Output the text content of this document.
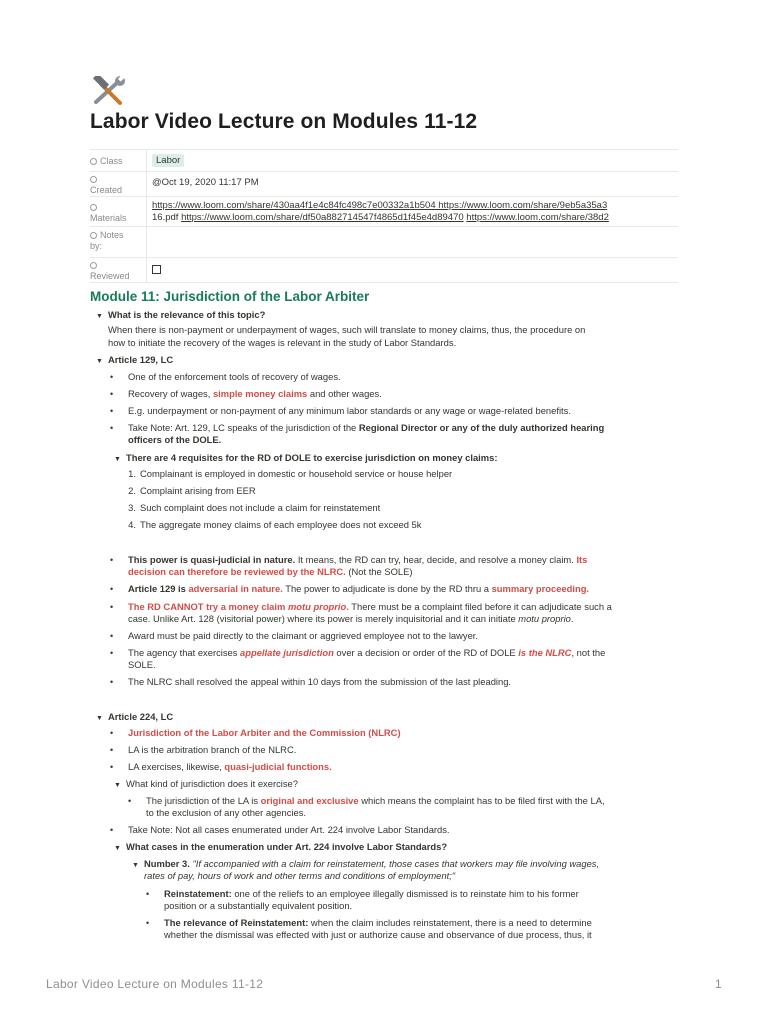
Labor Video Lecture on Modules 11-12
Class	Labor

Created
@Oct 19, 2020 11:17 PM

Materials
https://www.loom.com/share/430aa4f1e4c84fc498c7e00332a1b504 https://www.loom.com/share/9eb5a35a3
16.pdf https://www.loom.com/share/df50a882714547f4865d1f45e4d89470 https://www.loom.com/share/38d2
Notes
by:

Reviewed
Module 11: Jurisdiction of the Labor Arbiter
▼ What is the relevance of this topic?
When there is non-payment or underpayment of wages, such will translate to money claims, thus, the procedure on
how to initiate the recovery of the wages is relevant in the study of Labor Standards.
▼ Article 129, LC
•One of the enforcement tools of recovery of wages.
•Recovery of wages, simple money claims and other wages.
•E.g. underpayment or non-payment of any minimum labor standards or any wage or wage-related benefits.
•Take Note: Art. 129, LC speaks of the jurisdiction of the Regional Director or any of the duly authorized hearing
officers of the DOLE.
▼ There are 4 requisites for the RD of DOLE to exercise jurisdiction on money claims:
1. Complainant is employed in domestic or household service or house helper
2. Complaint arising from EER
3. Such complaint does not include a claim for reinstatement
4. The aggregate money claims of each employee does not exceed 5k
•This power is quasi-judicial in nature. It means, the RD can try, hear, decide, and resolve a money claim. Its
decision can therefore be reviewed by the NLRC. (Not the SOLE)
•Article 129 is adversarial in nature. The power to adjudicate is done by the RD thru a summary proceeding.
•The RD CANNOT try a money claim motu proprio. There must be a complaint filed before it can adjudicate such a
case. Unlike Art. 128 (visitorial power) where its power is merely inquisitorial and it can initiate motu proprio.
•Award must be paid directly to the claimant or aggrieved employee not to the lawyer.
•The agency that exercises appellate jurisdiction over a decision or order of the RD of DOLE is the NLRC, not the
SOLE.
•The NLRC shall resolved the appeal within 10 days from the submission of the last pleading.
▼ Article 224, LC
•Jurisdiction of the Labor Arbiter and the Commission (NLRC)
•LA is the arbitration branch of the NLRC.
•LA exercises, likewise, quasi-judicial functions.
▼ What kind of jurisdiction does it exercise?
•The jurisdiction of the LA is original and exclusive which means the complaint has to be filed first with the LA,
to the exclusion of any other agencies.
•Take Note: Not all cases enumerated under Art. 224 involve Labor Standards.
▼ What cases in the enumeration under Art. 224 involve Labor Standards?
▼ Number 3. "If accompanied with a claim for reinstatement, those cases that workers may file involving wages,
rates of pay, hours of work and other terms and conditions of employment;"
•Reinstatement: one of the reliefs to an employee illegally dismissed is to reinstate him to his former
position or a substantially equivalent position.
•The relevance of Reinstatement: when the claim includes reinstatement, there is a need to determine
whether the dismissal was effected with just or authorize cause and observance of due process, thus, it
Labor Video Lecture on Modules 11-12	1
